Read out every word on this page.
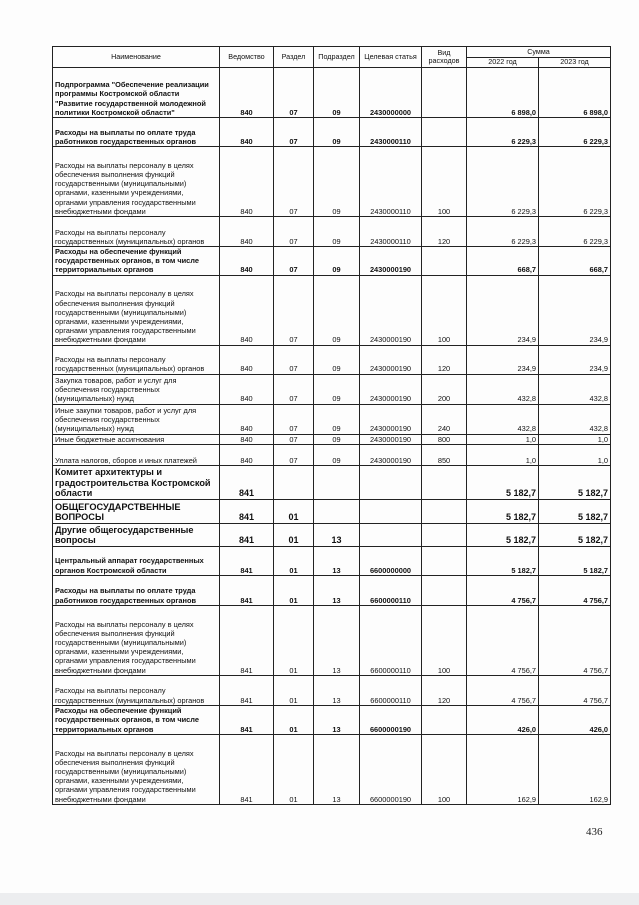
Наименование	Ведомство	Раздел	Подраздел	Целевая статья	Вид расходов	Сумма	
						2022 год	2023 год
Подпрограмма "Обеспечение реализации программы Костромской области "Развитие государственной молодежной политики Костромской области"	840	07	09	2430000000		6 898,0	6 898,0
Расходы на выплаты по оплате труда работников государственных органов	840	07	09	2430000110		6 229,3	6 229,3
Расходы на выплаты персоналу в целях обеспечения выполнения функций государственными (муниципальными) органами, казенными учреждениями, органами управления государственными внебюджетными фондами	840	07	09	2430000110	100	6 229,3	6 229,3
Расходы на выплаты персоналу государственных (муниципальных) органов	840	07	09	2430000110	120	6 229,3	6 229,3
Расходы на обеспечение функций государственных органов, в том числе территориальных органов	840	07	09	2430000190		668,7	668,7
Расходы на выплаты персоналу в целях обеспечения выполнения функций государственными (муниципальными) органами, казенными учреждениями, органами управления государственными внебюджетными фондами	840	07	09	2430000190	100	234,9	234,9
Расходы на выплаты персоналу государственных (муниципальных) органов	840	07	09	2430000190	120	234,9	234,9
Закупка товаров, работ и услуг для обеспечения государственных (муниципальных) нужд	840	07	09	2430000190	200	432,8	432,8
Иные закупки товаров, работ и услуг для обеспечения государственных (муниципальных) нужд	840	07	09	2430000190	240	432,8	432,8
Иные бюджетные ассигнования	840	07	09	2430000190	800	1,0	1,0
Уплата налогов, сборов и иных платежей	840	07	09	2430000190	850	1,0	1,0
Комитет архитектуры и градостроительства Костромской области	841					5 182,7	5 182,7
ОБЩЕГОСУДАРСТВЕННЫЕ ВОПРОСЫ	841	01				5 182,7	5 182,7
Другие общегосударственные вопросы	841	01	13			5 182,7	5 182,7
Центральный аппарат государственных органов Костромской области	841	01	13	6600000000		5 182,7	5 182,7
Расходы на выплаты по оплате труда работников государственных органов	841	01	13	6600000110		4 756,7	4 756,7
Расходы на выплаты персоналу в целях обеспечения выполнения функций государственными (муниципальными) органами, казенными учреждениями, органами управления государственными внебюджетными фондами	841	01	13	6600000110	100	4 756,7	4 756,7
Расходы на выплаты персоналу государственных (муниципальных) органов	841	01	13	6600000110	120	4 756,7	4 756,7
Расходы на обеспечение функций государственных органов, в том числе территориальных органов	841	01	13	6600000190		426,0	426,0
Расходы на выплаты персоналу в целях обеспечения выполнения функций государственными (муниципальными) органами, казенными учреждениями, органами управления государственными внебюджетными фондами	841	01	13	6600000190	100	162,9	162,9
436
